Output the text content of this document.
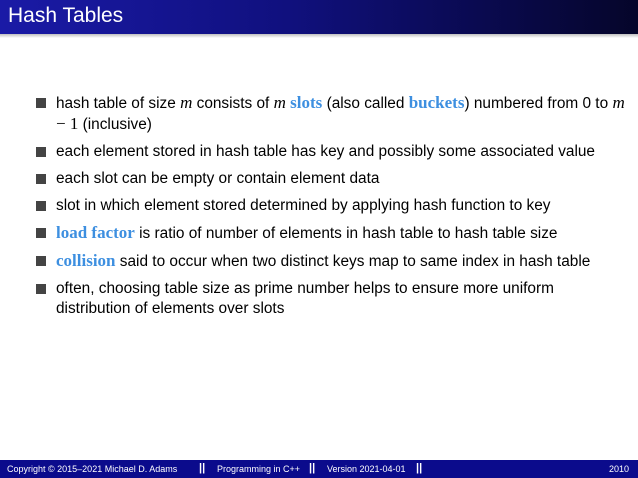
Hash Tables
hash table of size m consists of m slots (also called buckets) numbered from 0 to m − 1 (inclusive)
each element stored in hash table has key and possibly some associated value
each slot can be empty or contain element data
slot in which element stored determined by applying hash function to key
load factor is ratio of number of elements in hash table to hash table size
collision said to occur when two distinct keys map to same index in hash table
often, choosing table size as prime number helps to ensure more uniform distribution of elements over slots
Copyright © 2015–2021 Michael D. Adams || Programming in C++ || Version 2021-04-01 ||	2010
